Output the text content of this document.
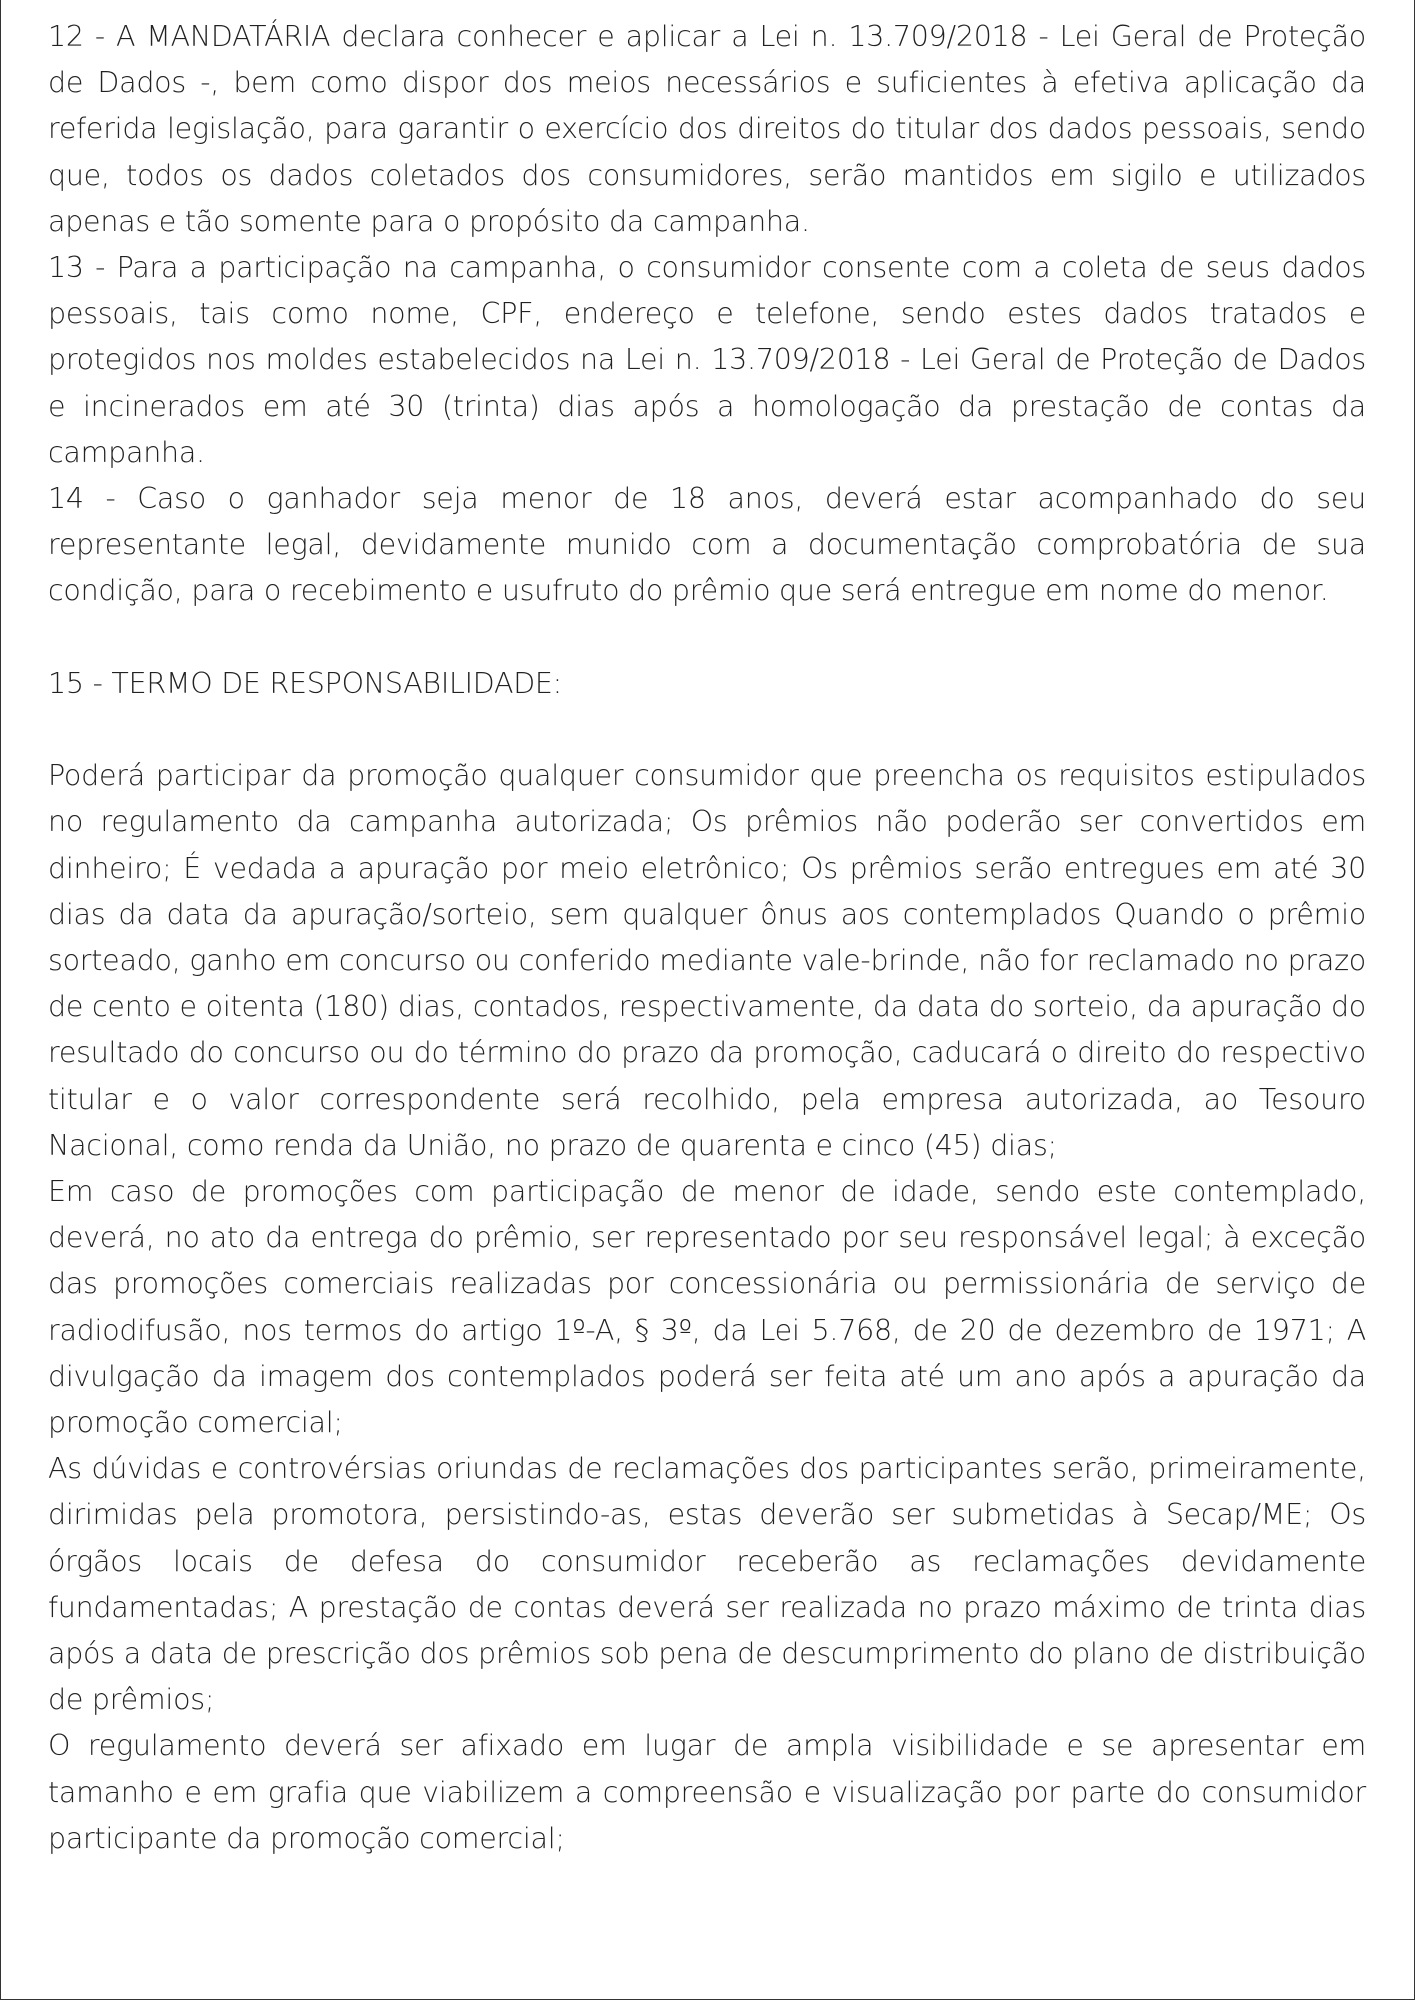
12 - A MANDATÁRIA declara conhecer e aplicar a Lei n. 13.709/2018 - Lei Geral de Proteção de Dados -, bem como dispor dos meios necessários e suficientes à efetiva aplicação da referida legislação, para garantir o exercício dos direitos do titular dos dados pessoais, sendo que, todos os dados coletados dos consumidores, serão mantidos em sigilo e utilizados apenas e tão somente para o propósito da campanha.

13 - Para a participação na campanha, o consumidor consente com a coleta de seus dados pessoais, tais como nome, CPF, endereço e telefone, sendo estes dados tratados e protegidos nos moldes estabelecidos na Lei n. 13.709/2018 - Lei Geral de Proteção de Dados e incinerados em até 30 (trinta) dias após a homologação da prestação de contas da campanha.

14 - Caso o ganhador seja menor de 18 anos, deverá estar acompanhado do seu representante legal, devidamente munido com a documentação comprobatória de sua condição, para o recebimento e usufruto do prêmio que será entregue em nome do menor.

15 - TERMO DE RESPONSABILIDADE:

Poderá participar da promoção qualquer consumidor que preencha os requisitos estipulados no regulamento da campanha autorizada; Os prêmios não poderão ser convertidos em dinheiro; É vedada a apuração por meio eletrônico; Os prêmios serão entregues em até 30 dias da data da apuração/sorteio, sem qualquer ônus aos contemplados Quando o prêmio sorteado, ganho em concurso ou conferido mediante vale-brinde, não for reclamado no prazo de cento e oitenta (180) dias, contados, respectivamente, da data do sorteio, da apuração do resultado do concurso ou do término do prazo da promoção, caducará o direito do respectivo titular e o valor correspondente será recolhido, pela empresa autorizada, ao Tesouro Nacional, como renda da União, no prazo de quarenta e cinco (45) dias;

Em caso de promoções com participação de menor de idade, sendo este contemplado, deverá, no ato da entrega do prêmio, ser representado por seu responsável legal; à exceção das promoções comerciais realizadas por concessionária ou permissionária de serviço de radiodifusão, nos termos do artigo 1º-A, § 3º, da Lei 5.768, de 20 de dezembro de 1971; A divulgação da imagem dos contemplados poderá ser feita até um ano após a apuração da promoção comercial;

As dúvidas e controvérsias oriundas de reclamações dos participantes serão, primeiramente, dirimidas pela promotora, persistindo-as, estas deverão ser submetidas à Secap/ME; Os órgãos locais de defesa do consumidor receberão as reclamações devidamente fundamentadas; A prestação de contas deverá ser realizada no prazo máximo de trinta dias após a data de prescrição dos prêmios sob pena de descumprimento do plano de distribuição de prêmios;

O regulamento deverá ser afixado em lugar de ampla visibilidade e se apresentar em tamanho e em grafia que viabilizem a compreensão e visualização por parte do consumidor participante da promoção comercial;
